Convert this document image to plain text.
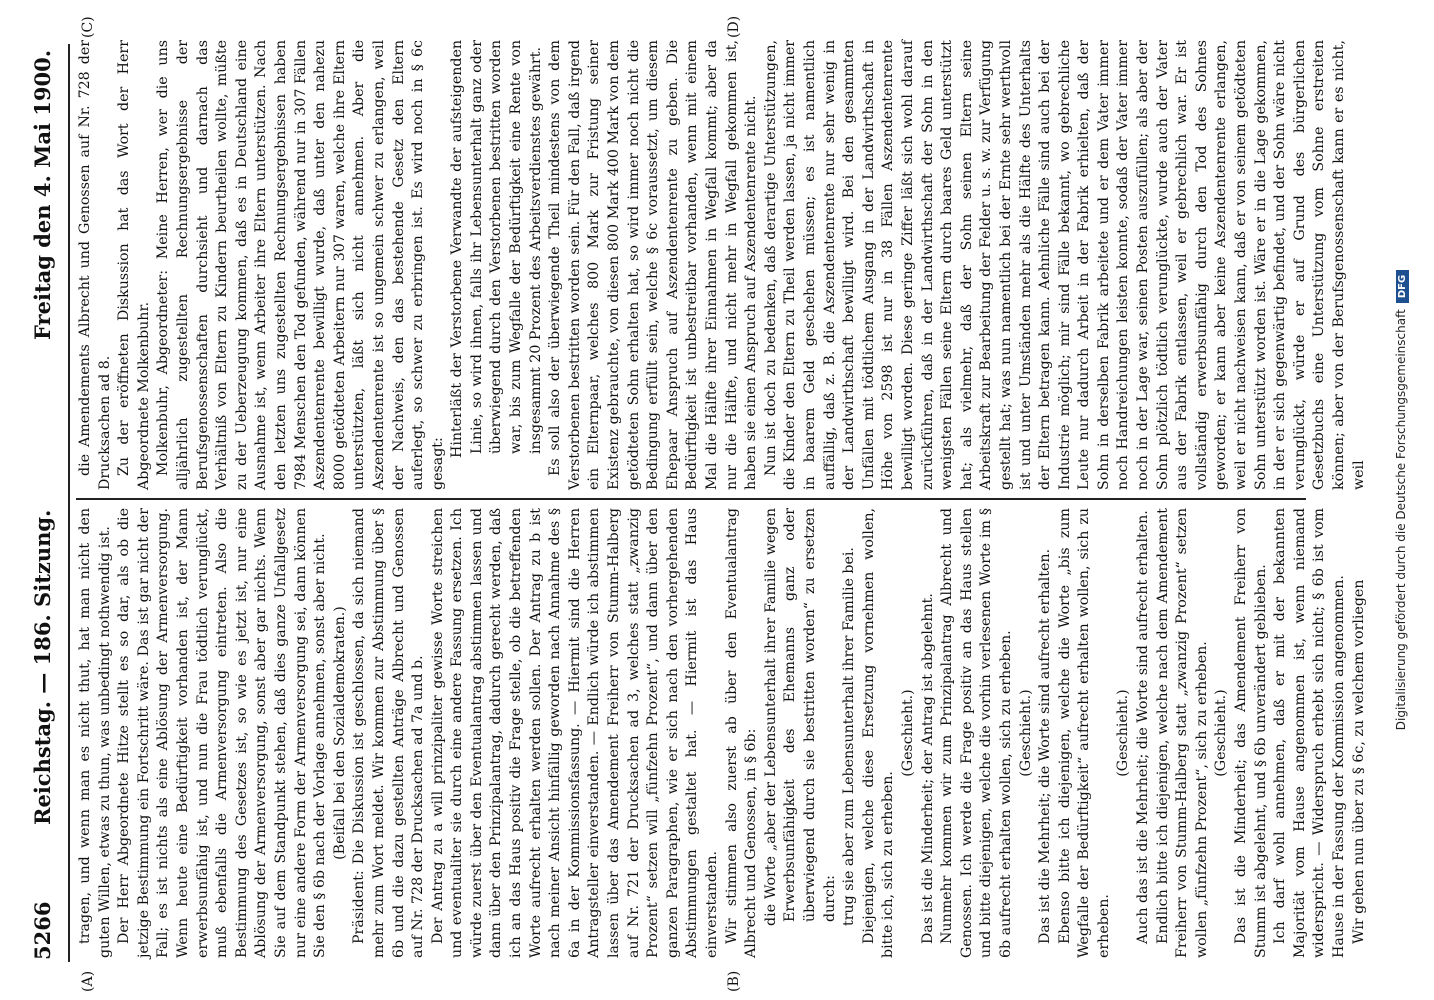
5266
Reichstag. — 186. Sitzung.
Freitag den 4. Mai 1900.
(A)	(B)
(C)	(D)

tragen, und wenn man es nicht thut, hat man nicht den guten Willen, etwas zu thun, was unbedingt nothwendig ist. Der Herr Abgeordnete Hitze stellt es so dar, als ob die jetzige Bestimmung ein Fortschritt wäre. Das ist gar nicht der Fall; es ist nichts als eine Ablösung der Armenversorgung. Wenn heute eine Bedürftigkeit vorhanden ist, der Mann erwerbsunfähig ist, und nun die Frau tödtlich verunglückt, muß ebenfalls die Armenversorgung eintreten. Also die Bestimmung des Gesetzes ist, so wie es jetzt ist, nur eine Ablösung der Armenversorgung, sonst aber gar nichts. Wenn Sie auf dem Standpunkt stehen, daß dies ganze Unfallgesetz nur eine andere Form der Armenversorgung sei, dann können Sie den § 6b nach der Vorlage annehmen, sonst aber nicht. (Beifall bei den Sozialdemokraten.) Präsident: Die Diskussion ist geschlossen, da sich niemand mehr zum Wort meldet. Wir kommen zur Abstimmung über § 6b und die dazu gestellten Anträge Albrecht und Genossen auf Nr. 728 der Drucksachen ad 7a und b. Der Antrag zu a will prinzipaliter gewisse Worte streichen und eventualiter sie durch eine andere Fassung ersetzen. Ich würde zuerst über den Eventualantrag abstimmen lassen und dann über den Prinzipalantrag, dadurch gerecht werden, daß ich an das Haus positiv die Frage stelle, ob die betreffenden Worte aufrecht erhalten werden sollen. Der Antrag zu b ist nach meiner Ansicht hinfällig geworden nach Annahme des § 6a in der Kommissionsfassung. — Hiermit sind die Herren Antragsteller einverstanden. — Endlich würde ich abstimmen lassen über das Amendement Freiherr von Stumm-Halberg auf Nr. 721 der Drucksachen ad 3, welches statt „zwanzig Prozent“ setzen will „fünfzehn Prozent“, und dann über den ganzen Paragraphen, wie er sich nach den vorhergehenden Abstimmungen gestaltet hat. — Hiermit ist das Haus einverstanden. Wir stimmen also zuerst ab über den Eventualantrag Albrecht und Genossen, in § 6b: die Worte „aber der Lebensunterhalt ihrer Familie wegen Erwerbsunfähigkeit des Ehemanns ganz oder überwiegend durch sie bestritten worden“ zu ersetzen durch: trug sie aber zum Lebensunterhalt ihrer Familie bei. Diejenigen, welche diese Ersetzung vornehmen wollen, bitte ich, sich zu erheben.

(Geschieht.) Das ist die Minderheit; der Antrag ist abgelehnt. Nunmehr kommen wir zum Prinzipalantrag Albrecht und Genossen. Ich werde die Frage positiv an das Haus stellen und bitte diejenigen, welche die vorhin verlesenen Worte im § 6b aufrecht erhalten wollen, sich zu erheben. (Geschieht.) Das ist die Mehrheit; die Worte sind aufrecht erhalten. Ebenso bitte ich diejenigen, welche die Worte „bis zum Wegfalle der Bedürftigkeit“ aufrecht erhalten wollen, sich zu erheben.

(Geschieht.) Auch das ist die Mehrheit; die Worte sind aufrecht erhalten. Endlich bitte ich diejenigen, welche nach dem Amendement Freiherr von Stumm-Halberg statt „zwanzig Prozent“ setzen wollen „fünfzehn Prozent“, sich zu erheben. (Geschieht.) Das ist die Minderheit; das Amendement Freiherr von Stumm ist abgelehnt, und § 6b unverändert geblieben. Ich darf wohl annehmen, daß er mit der bekannten Majorität vom Hause angenommen ist, wenn niemand widerspricht. — Widerspruch erhebt sich nicht; § 6b ist vom Hause in der Fassung der Kommission angenommen. Wir gehen nun über zu § 6c, zu welchem vorliegen

die Amendements Albrecht und Genossen auf Nr. 728 der Drucksachen ad 8. Zu der eröffneten Diskussion hat das Wort der Herr Abgeordnete Molkenbuhr. Molkenbuhr, Abgeordneter: Meine Herren, wer die uns alljährlich zugestellten Rechnungsergebnisse der Berufsgenossenschaften durchsieht und darnach das Verhältniß von Eltern zu Kindern beurtheilen wollte, müßte zu der Ueberzeugung kommen, daß es in Deutschland eine Ausnahme ist, wenn Arbeiter ihre Eltern unterstützen. Nach den letzten uns zugestellten Rechnungsergebnissen haben 7984 Menschen den Tod gefunden, während nur in 307 Fällen Aszendentenrente bewilligt wurde, daß unter den nahezu 8000 getödteten Arbeitern nur 307 waren, welche ihre Eltern unterstützten, läßt sich nicht annehmen. Aber die Aszendentenrente ist so ungemein schwer zu erlangen, weil der Nachweis, den das bestehende Gesetz den Eltern auferlegt, so schwer zu erbringen ist. Es wird noch in § 6c gesagt:

Hinterläßt der Verstorbene Verwandte der aufsteigenden Linie, so wird ihnen, falls ihr Lebensunterhalt ganz oder überwiegend durch den Verstorbenen bestritten worden war, bis zum Wegfalle der Bedürftigkeit eine Rente von insgesammt 20 Prozent des Arbeitsverdienstes gewährt. Es soll also der überwiegende Theil mindestens von dem Verstorbenen bestritten worden sein. Für den Fall, daß irgend ein Elternpaar, welches 800 Mark zur Fristung seiner Existenz gebrauchte, von diesen 800 Mark 400 Mark von dem getödteten Sohn erhalten hat, so wird immer noch nicht die Bedingung erfüllt sein, welche § 6c voraussetzt, um diesem Ehepaar Anspruch auf Aszendentenrente zu geben. Die Bedürftigkeit ist unbestreitbar vorhanden, wenn mit einem Mal die Hälfte ihrer Einnahmen in Wegfall kommt; aber da nur die Hälfte, und nicht mehr in Wegfall gekommen ist, haben sie einen Anspruch auf Aszendentenrente nicht. Nun ist doch zu bedenken, daß derartige Unterstützungen, die Kinder den Eltern zu Theil werden lassen, ja nicht immer in baarem Geld geschehen müssen; es ist namentlich auffällig, daß z. B. die Aszendentenrente nur sehr wenig in der Landwirthschaft bewilligt wird. Bei den gesammten Unfällen mit tödtlichem Ausgang in der Landwirthschaft in Höhe von 2598 ist nur in 38 Fällen Aszendentenrente bewilligt worden. Diese geringe Ziffer läßt sich wohl darauf zurückführen, daß in der Landwirthschaft der Sohn in den wenigsten Fällen seine Eltern durch baares Geld unterstützt hat; als vielmehr, daß der Sohn seinen Eltern seine Arbeitskraft zur Bearbeitung der Felder u. s. w. zur Verfügung gestellt hat; was nun namentlich bei der Ernte sehr werthvoll ist und unter Umständen mehr als die Hälfte des Unterhalts der Eltern betragen kann. Aehnliche Fälle sind auch bei der Industrie möglich; mir sind Fälle bekannt, wo gebrechliche Leute nur dadurch Arbeit in der Fabrik erhielten, daß der Sohn in derselben Fabrik arbeitete und er dem Vater immer noch Handreichungen leisten konnte, sodaß der Vater immer noch in der Lage war, seinen Posten auszufüllen; als aber der Sohn plötzlich tödtlich verunglückte, wurde auch der Vater aus der Fabrik entlassen, weil er gebrechlich war. Er ist vollständig erwerbsunfähig durch den Tod des Sohnes geworden; er kann aber keine Aszendentenrente erlangen, weil er nicht nachweisen kann, daß er von seinem getödteten Sohn unterstützt worden ist. Wäre er in die Lage gekommen, in der er sich gegenwärtig befindet, und der Sohn wäre nicht verunglückt, würde er auf Grund des bürgerlichen Gesetzbuchs eine Unterstützung vom Sohne erstreiten können; aber von der Berufsgenossenschaft kann er es nicht, weil Digitalisierung gefördert durch die Deutsche ForschungsgemeinschaftDFG
